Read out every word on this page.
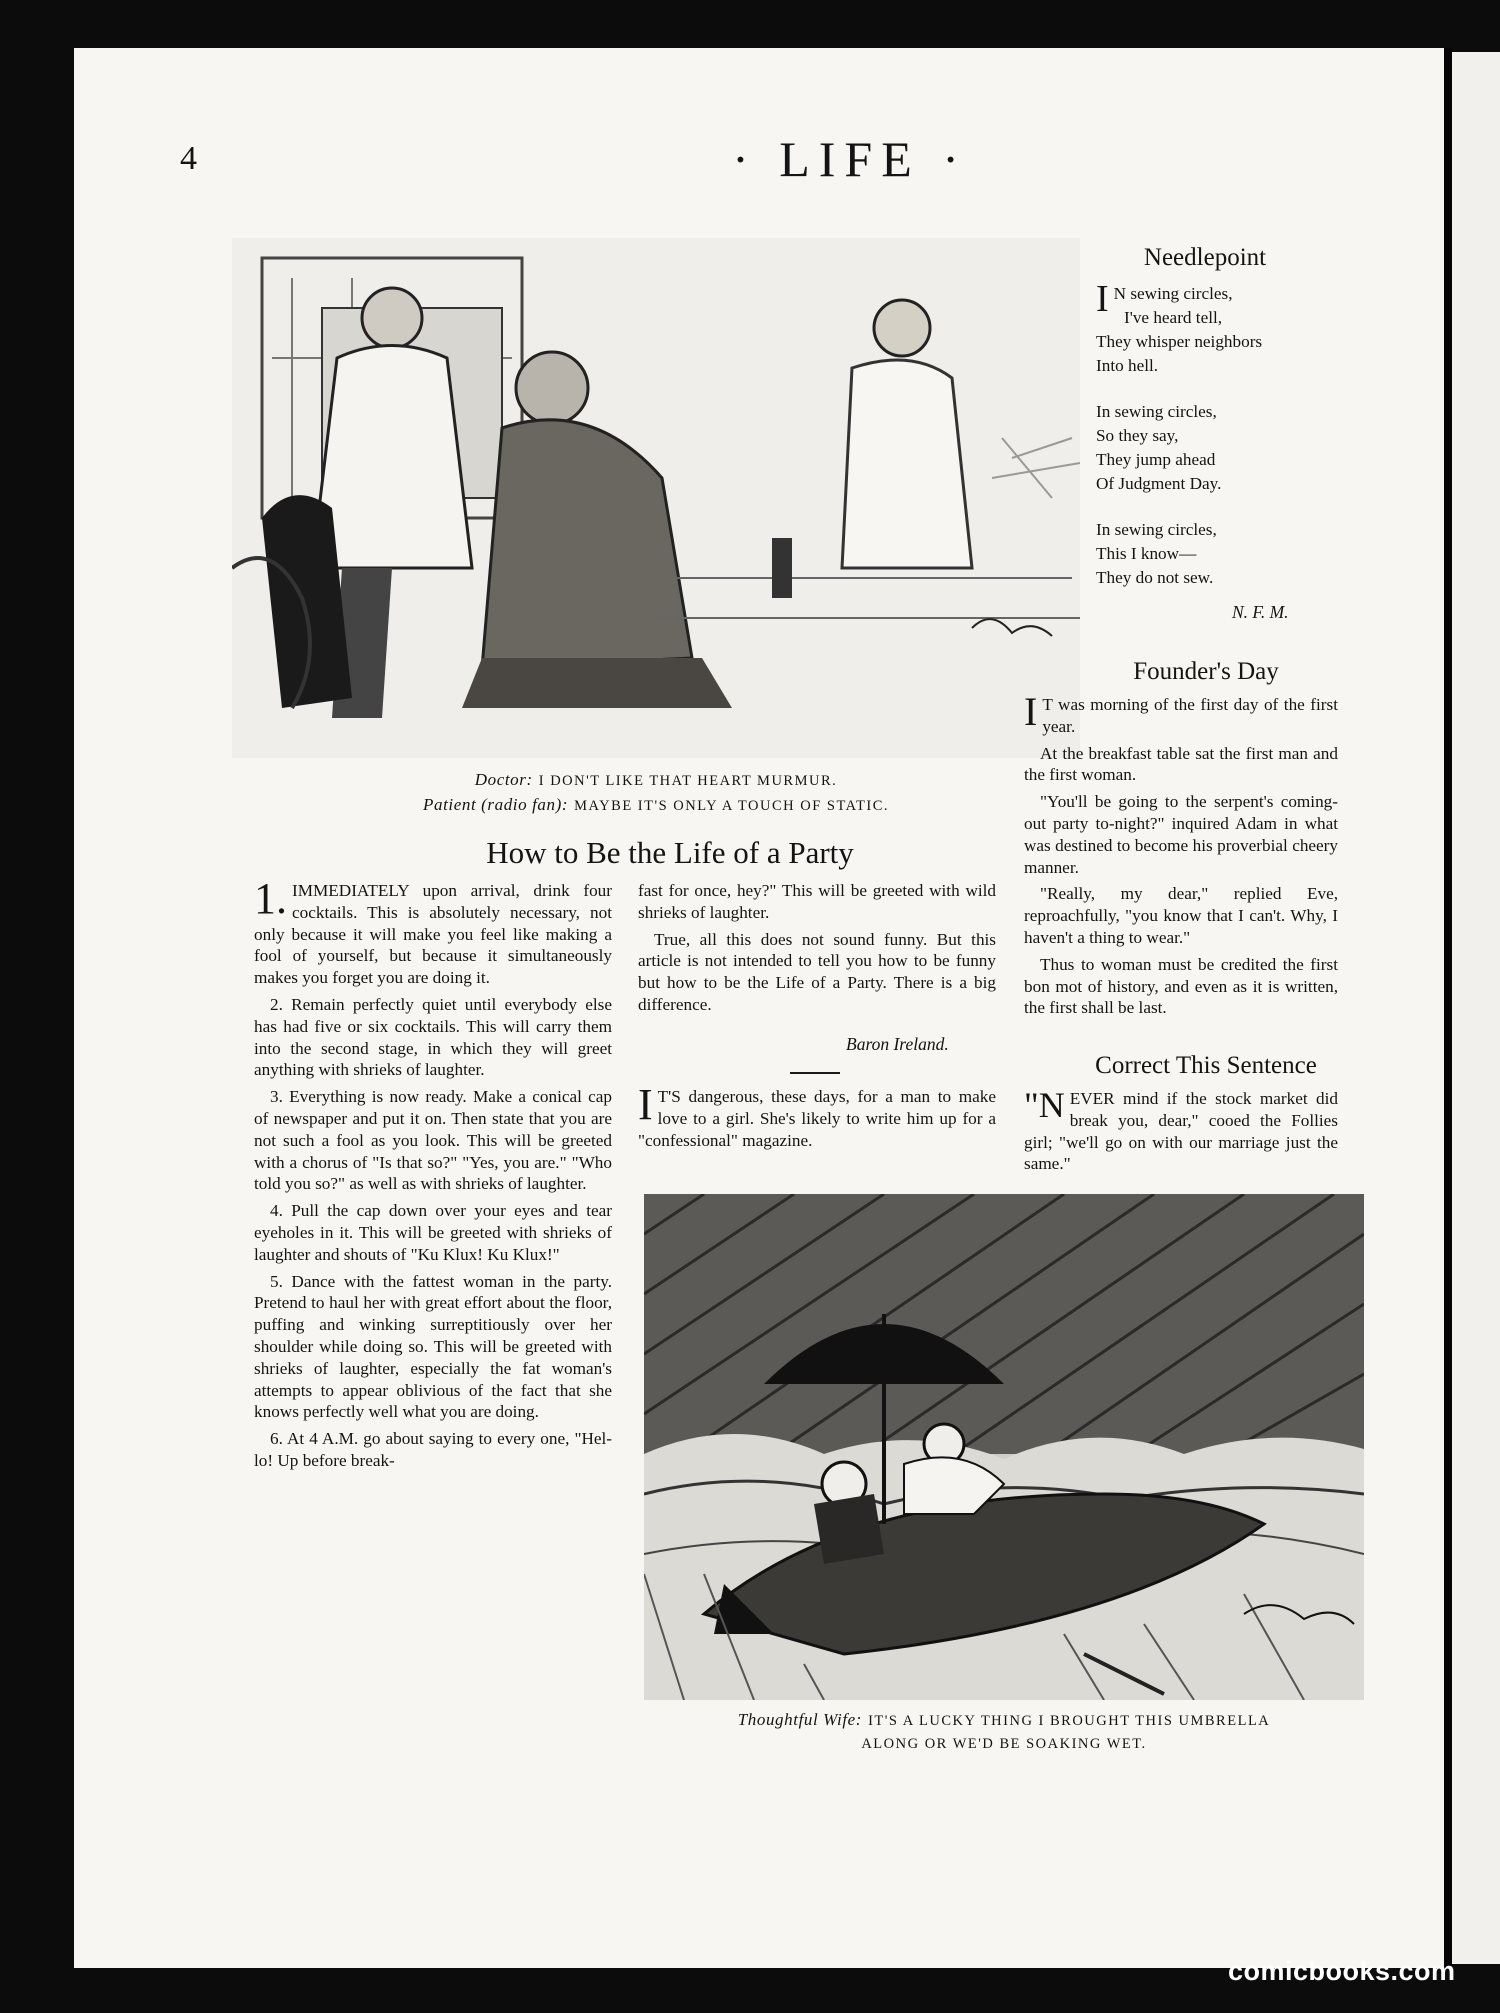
4	· LIFE ·
Doctor: I DON'T LIKE THAT HEART MURMUR.
Patient (radio fan): MAYBE IT'S ONLY A TOUCH OF STATIC.
How to Be the Life of a Party

1. IMMEDIATELY upon arrival, drink four cocktails. This is absolutely necessary, not only because it will make you feel like making a fool of yourself, but because it simultaneously makes you forget you are doing it.

2. Remain perfectly quiet until everybody else has had five or six cocktails. This will carry them into the second stage, in which they will greet anything with shrieks of laughter.

3. Everything is now ready. Make a conical cap of newspaper and put it on. Then state that you are not such a fool as you look. This will be greeted with a chorus of "Is that so?" "Yes, you are." "Who told you so?" as well as with shrieks of laughter.

4. Pull the cap down over your eyes and tear eyeholes in it. This will be greeted with shrieks of laughter and shouts of "Ku Klux! Ku Klux!"

5. Dance with the fattest woman in the party. Pretend to haul her with great effort about the floor, puffing and winking surreptitiously over her shoulder while doing so. This will be greeted with shrieks of laughter, especially the fat woman's attempts to appear oblivious of the fact that she knows perfectly well what you are doing.

6. At 4 A.M. go about saying to every one, "Hel-lo! Up before break-

fast for once, hey?" This will be greeted with wild shrieks of laughter.

True, all this does not sound funny. But this article is not intended to tell you how to be funny but how to be the Life of a Party. There is a big difference.

Baron Ireland.

I T'S dangerous, these days, for a man to make love to a girl. She's likely to write him up for a "confessional" magazine.

Needlepoint
I N sewing circles,
I've heard tell,
They whisper neighbors
Into hell.
In sewing circles,
So they say,
They jump ahead
Of Judgment Day.
In sewing circles,
This I know—
They do not sew.
N. F. M.
Founder's Day

I T was morning of the first day of the first year.

At the breakfast table sat the first man and the first woman.

"You'll be going to the serpent's coming-out party to-night?" inquired Adam in what was destined to become his proverbial cheery manner.

"Really, my dear," replied Eve, reproachfully, "you know that I can't. Why, I haven't a thing to wear."

Thus to woman must be credited the first bon mot of history, and even as it is written, the first shall be last.

Correct This Sentence

"NEVER mind if the stock market did break you, dear," cooed the Follies girl; "we'll go on with our marriage just the same."

Thoughtful Wife: IT'S A LUCKY THING I BROUGHT THIS UMBRELLA
ALONG OR WE'D BE SOAKING WET.
comicbooks.com
